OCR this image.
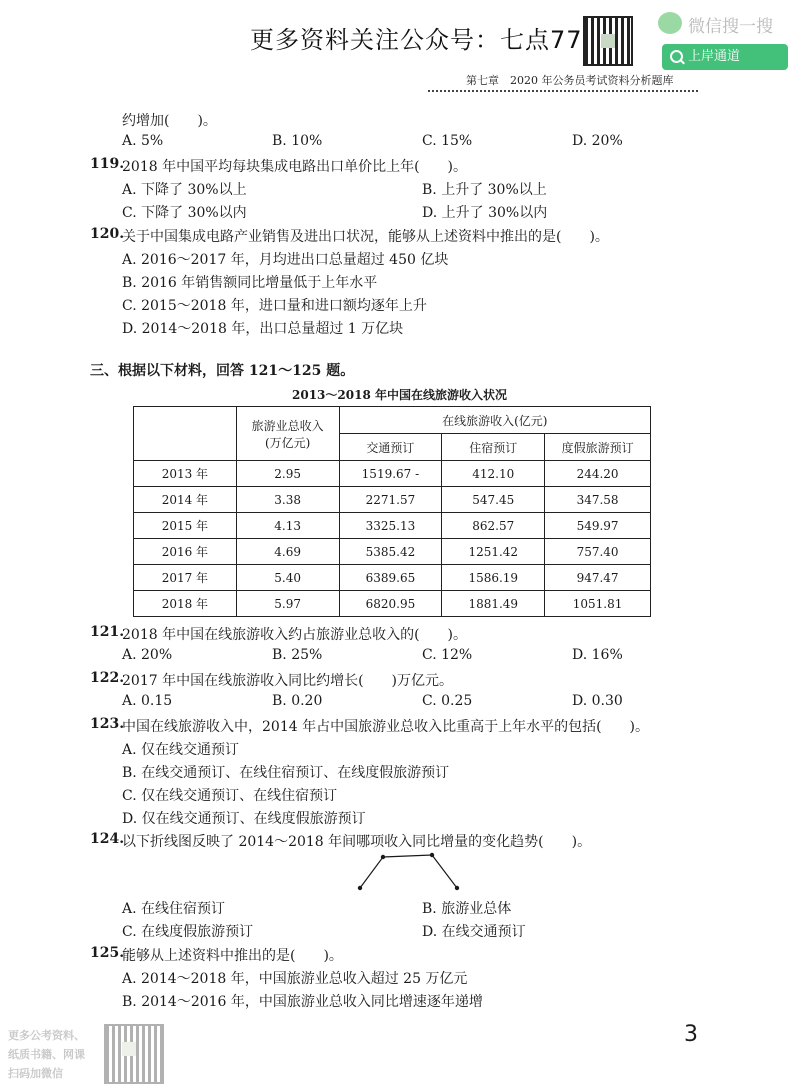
更多资料关注公众号：七点77	微信搜一搜
上岸通道
第七章　2020 年公务员考试资料分析题库
约增加(　　)。
A. 5%	B. 10%	C. 15%	D. 20%
119.
2018 年中国平均每块集成电路出口单价比上年(　　)。
A. 下降了 30%以上	B. 上升了 30%以上
C. 下降了 30%以内	D. 上升了 30%以内
120.
关于中国集成电路产业销售及进出口状况，能够从上述资料中推出的是(　　)。
A. 2016～2017 年，月均进出口总量超过 450 亿块
B. 2016 年销售额同比增量低于上年水平
C. 2015～2018 年，进口量和进口额均逐年上升
D. 2014～2018 年，出口总量超过 1 万亿块
三、根据以下材料，回答 121～125 题。
2013～2018 年中国在线旅游收入状况

	旅游业总收入
(万亿元)	在线旅游收入(亿元)		
		交通预订	住宿预订	度假旅游预订
2013 年	2.95	1519.67 -	412.10	244.20
2014 年	3.38	2271.57	547.45	347.58
2015 年	4.13	3325.13	862.57	549.97
2016 年	4.69	5385.42	1251.42	757.40
2017 年	5.40	6389.65	1586.19	947.47
2018 年	5.97	6820.95	1881.49	1051.81
121.
2018 年中国在线旅游收入约占旅游业总收入的(　　)。
A. 20%	B. 25%	C. 12%	D. 16%
122.
2017 年中国在线旅游收入同比约增长(　　)万亿元。
A. 0.15	B. 0.20	C. 0.25	D. 0.30
123.
中国在线旅游收入中，2014 年占中国旅游业总收入比重高于上年水平的包括(　　)。
A. 仅在线交通预订
B. 在线交通预订、在线住宿预订、在线度假旅游预订
C. 仅在线交通预订、在线住宿预订
D. 仅在线交通预订、在线度假旅游预订
124.
以下折线图反映了 2014～2018 年间哪项收入同比增量的变化趋势(　　)。
A. 在线住宿预订	B. 旅游业总体
C. 在线度假旅游预订	D. 在线交通预订
125.
能够从上述资料中推出的是(　　)。
A. 2014～2018 年，中国旅游业总收入超过 25 万亿元
B. 2014～2016 年，中国旅游业总收入同比增速逐年递增
更多公考资料、
纸质书籍、网课
扫码加微信
3
